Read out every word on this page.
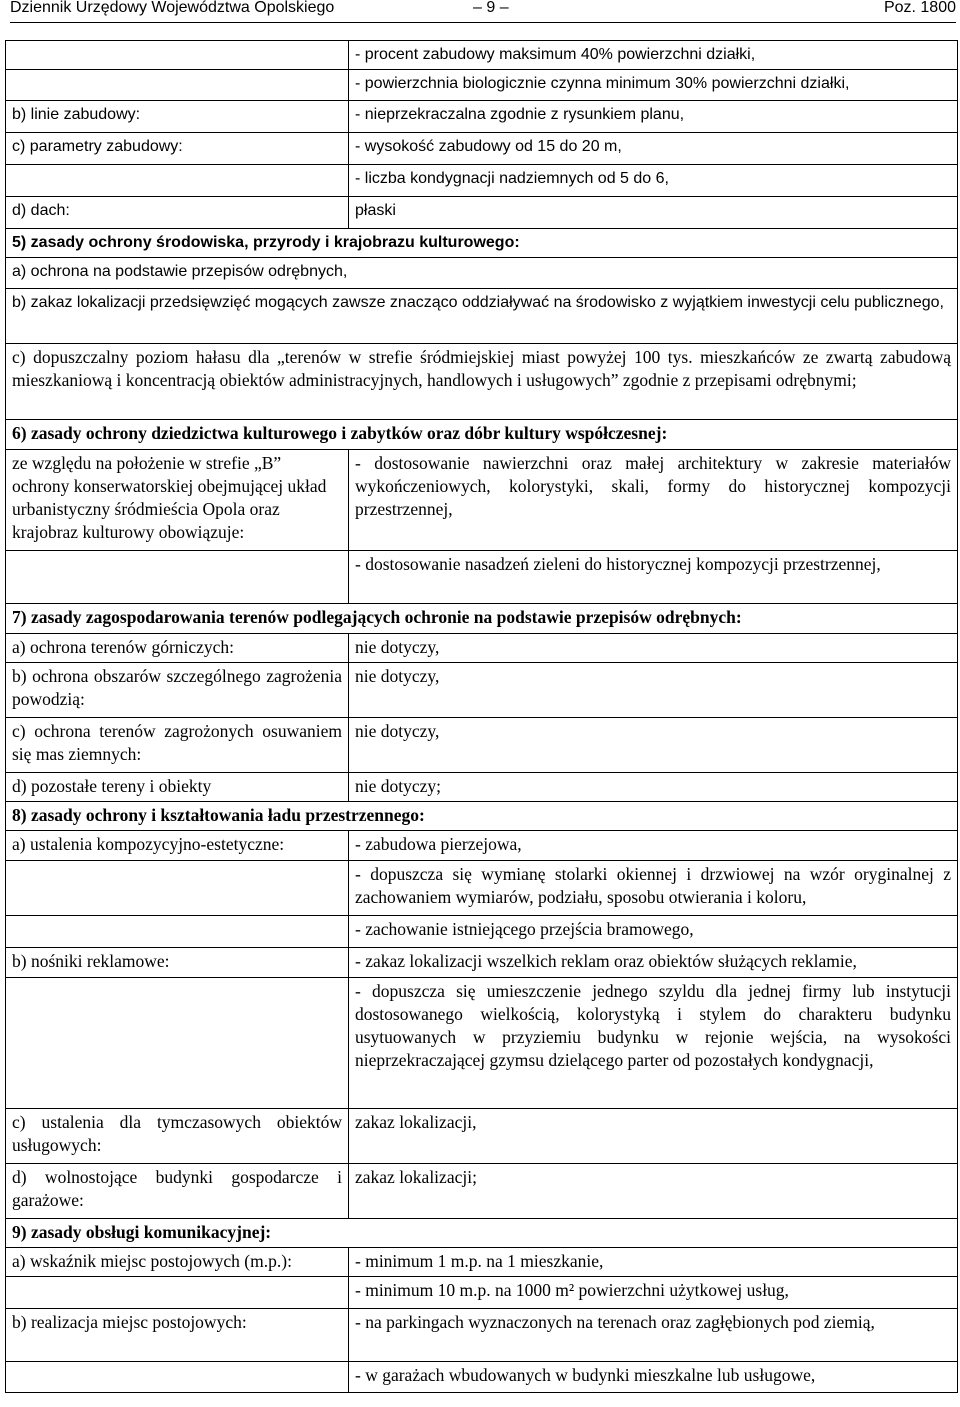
Dziennik Urzędowy Województwa Opolskiego	– 9 –	Poz. 1800
	- procent zabudowy maksimum 40% powierzchni działki,
	- powierzchnia biologicznie czynna minimum 30% powierzchni działki,
b) linie zabudowy:	- nieprzekraczalna zgodnie z rysunkiem planu,
c) parametry zabudowy:	- wysokość zabudowy od 15 do 20 m,
	- liczba kondygnacji nadziemnych od 5 do 6,
d) dach:	płaski
5) zasady ochrony środowiska, przyrody i krajobrazu kulturowego:	
a) ochrona na podstawie przepisów odrębnych,	
b) zakaz lokalizacji przedsięwzięć mogących zawsze znacząco oddziaływać na środowisko z wyjątkiem inwestycji celu publicznego,	
c) dopuszczalny poziom hałasu dla „terenów w strefie śródmiejskiej miast powyżej 100 tys. mieszkańców ze zwartą zabudową mieszkaniową i koncentracją obiektów administracyjnych, handlowych i usługowych” zgodnie z przepisami odrębnymi;	
6) zasady ochrony dziedzictwa kulturowego i zabytków oraz dóbr kultury współczesnej:	
ze względu na położenie w strefie „B” ochrony konserwatorskiej obejmującej układ urbanistyczny śródmieścia Opola oraz krajobraz kulturowy obowiązuje:	- dostosowanie nawierzchni oraz małej architektury w zakresie materiałów wykończeniowych, kolorystyki, skali, formy do historycznej kompozycji przestrzennej,
	- dostosowanie nasadzeń zieleni do historycznej kompozycji przestrzennej,
7) zasady zagospodarowania terenów podlegających ochronie na podstawie przepisów odrębnych:	
a) ochrona terenów górniczych:	nie dotyczy,
b) ochrona obszarów szczególnego zagrożenia powodzią:	nie dotyczy,
c) ochrona terenów zagrożonych osuwaniem się mas ziemnych:	nie dotyczy,
d) pozostałe tereny i obiekty	nie dotyczy;
8) zasady ochrony i kształtowania ładu przestrzennego:	
a) ustalenia kompozycyjno-estetyczne:	- zabudowa pierzejowa,
	- dopuszcza się wymianę stolarki okiennej i drzwiowej na wzór oryginalnej z zachowaniem wymiarów, podziału, sposobu otwierania i koloru,
	- zachowanie istniejącego przejścia bramowego,
b) nośniki reklamowe:	- zakaz lokalizacji wszelkich reklam oraz obiektów służących reklamie,
	- dopuszcza się umieszczenie jednego szyldu dla jednej firmy lub instytucji dostosowanego wielkością, kolorystyką i stylem do charakteru budynku usytuowanych w przyziemiu budynku w rejonie wejścia, na wysokości nieprzekraczającej gzymsu dzielącego parter od pozostałych kondygnacji,
c) ustalenia dla tymczasowych obiektów usługowych:	zakaz lokalizacji,
d) wolnostojące budynki gospodarcze i garażowe:	zakaz lokalizacji;
9) zasady obsługi komunikacyjnej:	
a) wskaźnik miejsc postojowych (m.p.):	- minimum 1 m.p. na 1 mieszkanie,
	- minimum 10 m.p. na 1000 m² powierzchni użytkowej usług,
b) realizacja miejsc postojowych:	- na parkingach wyznaczonych na terenach oraz zagłębionych pod ziemią,
	- w garażach wbudowanych w budynki mieszkalne lub usługowe,
